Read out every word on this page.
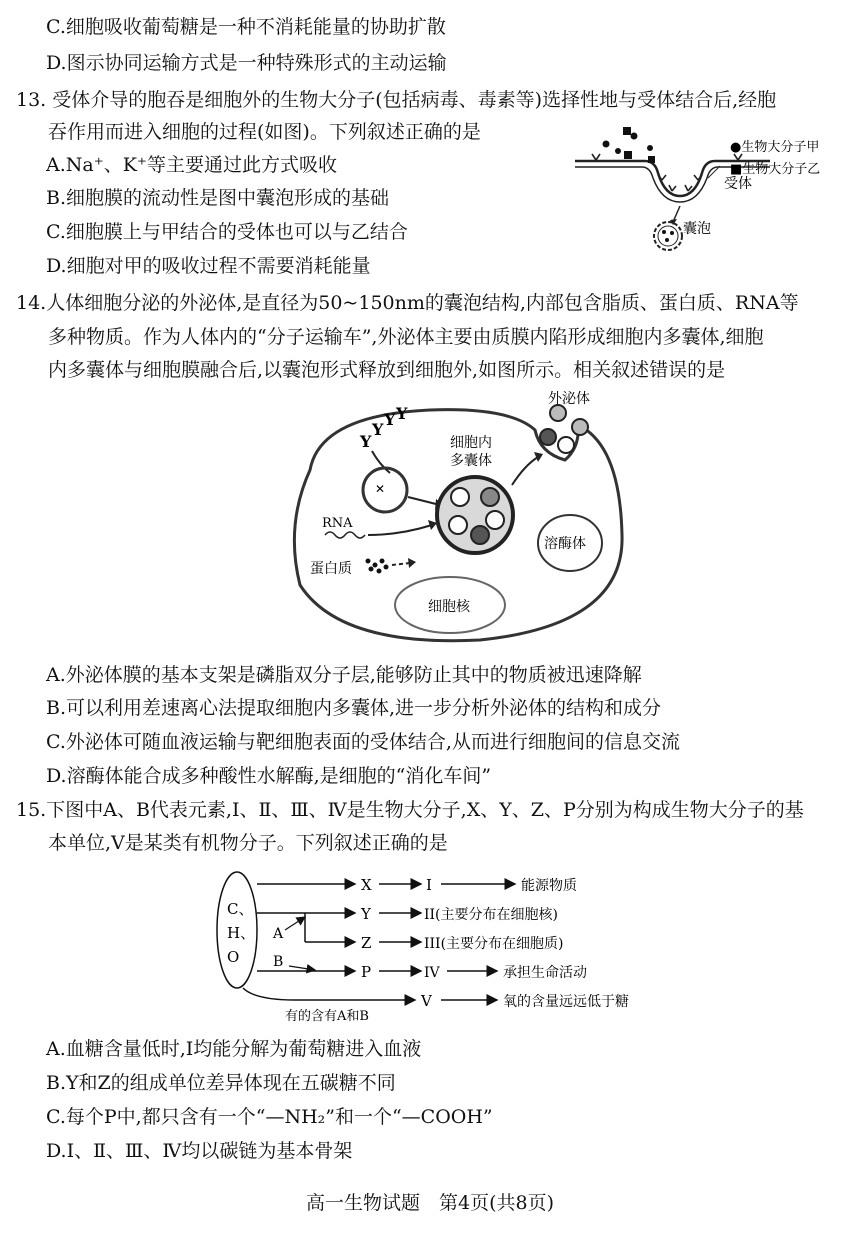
C.细胞吸收葡萄糖是一种不消耗能量的协助扩散
D.图示协同运输方式是一种特殊形式的主动运输
13. 受体介导的胞吞是细胞外的生物大分子(包括病毒、毒素等)选择性地与受体结合后,经胞
吞作用而进入细胞的过程(如图)。下列叙述正确的是
A.Na⁺、K⁺等主要通过此方式吸收
B.细胞膜的流动性是图中囊泡形成的基础
C.细胞膜上与甲结合的受体也可以与乙结合
D.细胞对甲的吸收过程不需要消耗能量
受体
囊泡
●生物大分子甲
■生物大分子乙
14.人体细胞分泌的外泌体,是直径为50~150nm的囊泡结构,内部包含脂质、蛋白质、RNA等
多种物质。作为人体内的“分子运输车”,外泌体主要由质膜内陷形成细胞内多囊体,细胞
内多囊体与细胞膜融合后,以囊泡形式释放到细胞外,如图所示。相关叙述错误的是
Y
Y
Y Y
✕
细胞内
多囊体
外泌体
RNA
蛋白质
溶酶体
细胞核
A.外泌体膜的基本支架是磷脂双分子层,能够防止其中的物质被迅速降解
B.可以利用差速离心法提取细胞内多囊体,进一步分析外泌体的结构和成分
C.外泌体可随血液运输与靶细胞表面的受体结合,从而进行细胞间的信息交流
D.溶酶体能合成多种酸性水解酶,是细胞的“消化车间”
15.下图中A、B代表元素,Ⅰ、Ⅱ、Ⅲ、Ⅳ是生物大分子,X、Y、Z、P分别为构成生物大分子的基
本单位,Ⅴ是某类有机物分子。下列叙述正确的是
C、
H、
O
X	I	能源物质
Y	II(主要分布在细胞核)
A	Z	III(主要分布在细胞质)
B
P	IV	承担生命活动
V	氧的含量远远低于糖
有的含有A和B
A.血糖含量低时,Ⅰ均能分解为葡萄糖进入血液
B.Y和Z的组成单位差异体现在五碳糖不同
C.每个P中,都只含有一个“—NH₂”和一个“—COOH”
D.Ⅰ、Ⅱ、Ⅲ、Ⅳ均以碳链为基本骨架
高一生物试题　第4页(共8页)
